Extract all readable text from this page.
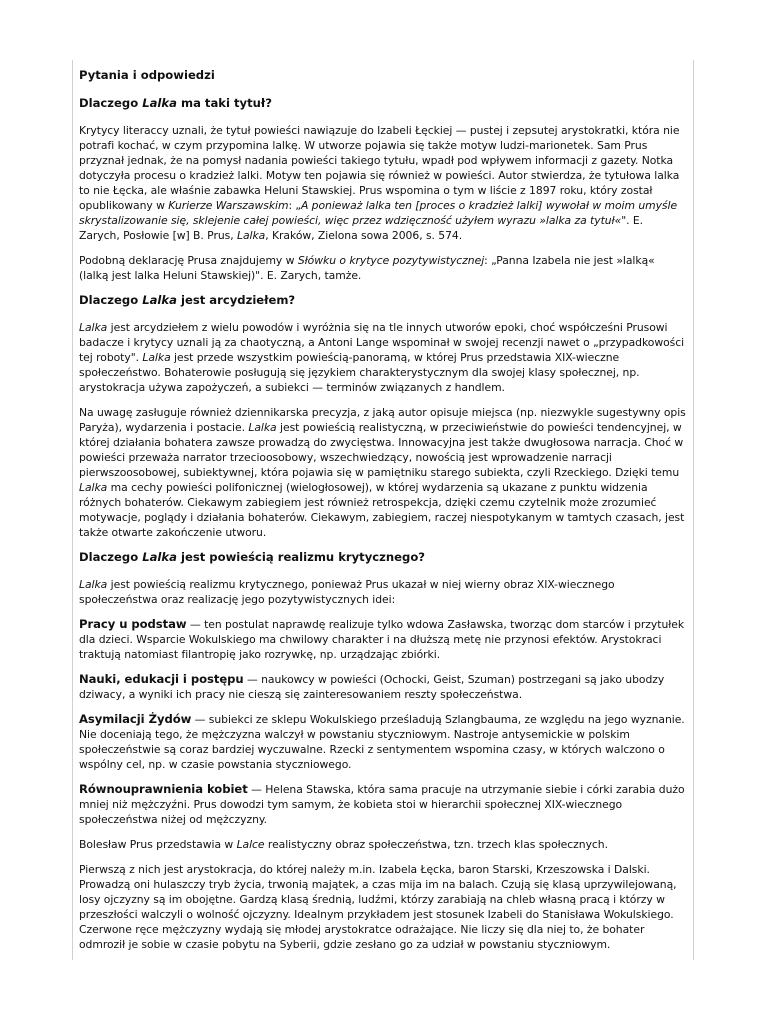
Pytania i odpowiedzi
Dlaczego Lalka ma taki tytuł?

Krytycy literaccy uznali, że tytuł powieści nawiązuje do Izabeli Łęckiej — pustej i zepsutej arystokratki, która nie potrafi kochać, w czym przypomina lalkę. W utworze pojawia się także motyw ludzi-marionetek. Sam Prus przyznał jednak, że na pomysł nadania powieści takiego tytułu, wpadł pod wpływem informacji z gazety. Notka dotyczyła procesu o kradzież lalki. Motyw ten pojawia się również w powieści. Autor stwierdza, że tytułowa lalka to nie Łęcka, ale właśnie zabawka Heluni Stawskiej. Prus wspomina o tym w liście z 1897 roku, który został opublikowany w Kurierze Warszawskim: „A ponieważ lalka ten [proces o kradzież lalki] wywołał w moim umyśle skrystalizowanie się, sklejenie całej powieści, więc przez wdzięczność użyłem wyrazu »lalka za tytuł«". E. Zarych, Posłowie [w] B. Prus, Lalka, Kraków, Zielona sowa 2006, s. 574.

Podobną deklarację Prusa znajdujemy w Słówku o krytyce pozytywistycznej: „Panna Izabela nie jest »lalką« (lalką jest lalka Heluni Stawskiej)". E. Zarych, tamże.

Dlaczego Lalka jest arcydziełem?

Lalka jest arcydziełem z wielu powodów i wyróżnia się na tle innych utworów epoki, choć współcześni Prusowi badacze i krytycy uznali ją za chaotyczną, a Antoni Lange wspominał w swojej recenzji nawet o „przypadkowości tej roboty". Lalka jest przede wszystkim powieścią-panoramą, w której Prus przedstawia XIX-wieczne społeczeństwo. Bohaterowie posługują się językiem charakterystycznym dla swojej klasy społecznej, np. arystokracja używa zapożyczeń, a subiekci — terminów związanych z handlem.

Na uwagę zasługuje również dziennikarska precyzja, z jaką autor opisuje miejsca (np. niezwykle sugestywny opis Paryża), wydarzenia i postacie. Lalka jest powieścią realistyczną, w przeciwieństwie do powieści tendencyjnej, w której działania bohatera zawsze prowadzą do zwycięstwa. Innowacyjna jest także dwugłosowa narracja. Choć w powieści przeważa narrator trzecioosobowy, wszechwiedzący, nowością jest wprowadzenie narracji pierwszoosobowej, subiektywnej, która pojawia się w pamiętniku starego subiekta, czyli Rzeckiego. Dzięki temu Lalka ma cechy powieści polifonicznej (wielogłosowej), w której wydarzenia są ukazane z punktu widzenia różnych bohaterów. Ciekawym zabiegiem jest również retrospekcja, dzięki czemu czytelnik może zrozumieć motywacje, poglądy i działania bohaterów. Ciekawym, zabiegiem, raczej niespotykanym w tamtych czasach, jest także otwarte zakończenie utworu.

Dlaczego Lalka jest powieścią realizmu krytycznego?

Lalka jest powieścią realizmu krytycznego, ponieważ Prus ukazał w niej wierny obraz XIX-wiecznego społeczeństwa oraz realizację jego pozytywistycznych idei:

Pracy u podstaw — ten postulat naprawdę realizuje tylko wdowa Zasławska, tworząc dom starców i przytułek dla dzieci. Wsparcie Wokulskiego ma chwilowy charakter i na dłuższą metę nie przynosi efektów. Arystokraci traktują natomiast filantropię jako rozrywkę, np. urządzając zbiórki.

Nauki, edukacji i postępu — naukowcy w powieści (Ochocki, Geist, Szuman) postrzegani są jako ubodzy dziwacy, a wyniki ich pracy nie cieszą się zainteresowaniem reszty społeczeństwa.

Asymilacji Żydów — subiekci ze sklepu Wokulskiego prześladują Szlangbauma, ze względu na jego wyznanie. Nie doceniają tego, że mężczyzna walczył w powstaniu styczniowym. Nastroje antysemickie w polskim społeczeństwie są coraz bardziej wyczuwalne. Rzecki z sentymentem wspomina czasy, w których walczono o wspólny cel, np. w czasie powstania styczniowego.

Równouprawnienia kobiet — Helena Stawska, która sama pracuje na utrzymanie siebie i córki zarabia dużo mniej niż mężczyźni. Prus dowodzi tym samym, że kobieta stoi w hierarchii społecznej XIX-wiecznego społeczeństwa niżej od mężczyzny.

Bolesław Prus przedstawia w Lalce realistyczny obraz społeczeństwa, tzn. trzech klas społecznych.

Pierwszą z nich jest arystokracja, do której należy m.in. Izabela Łęcka, baron Starski, Krzeszowska i Dalski. Prowadzą oni hulaszczy tryb życia, trwonią majątek, a czas mija im na balach. Czują się klasą uprzywilejowaną, losy ojczyzny są im obojętne. Gardzą klasą średnią, ludźmi, którzy zarabiają na chleb własną pracą i którzy w przeszłości walczyli o wolność ojczyzny. Idealnym przykładem jest stosunek Izabeli do Stanisława Wokulskiego. Czerwone ręce mężczyzny wydają się młodej arystokratce odrażające. Nie liczy się dla niej to, że bohater odmroził je sobie w czasie pobytu na Syberii, gdzie zesłano go za udział w powstaniu styczniowym.
